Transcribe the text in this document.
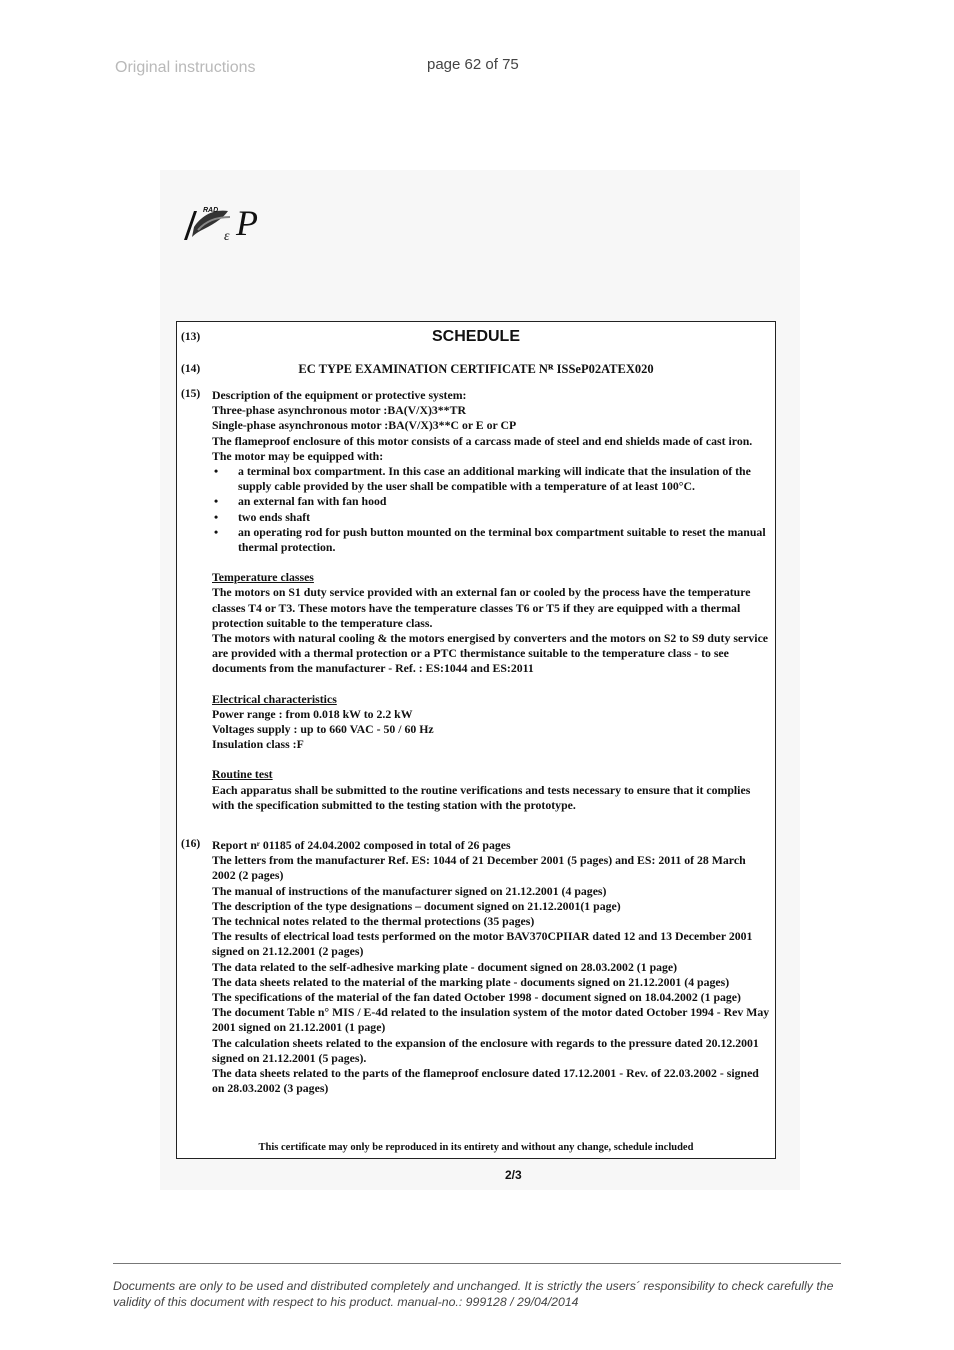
Original instructions	page 62 of 75
RAD
ε P
(13)	SCHEDULE
(14)	EC TYPE EXAMINATION CERTIFICATE Nᴿ ISSeP02ATEX020
(15) Description of the equipment or protective system:

Three-phase asynchronous motor :BA(V/X)3**TR

Single-phase asynchronous motor :BA(V/X)3**C or E or CP

The flameproof enclosure of this motor consists of a carcass made of steel and end shields made of cast iron.

The motor may be equipped with:

• a terminal box compartment. In this case an additional marking will indicate that the insulation of the supply cable provided by the user shall be compatible with a temperature of at least 100°C.
• an external fan with fan hood
• two ends shaft
• an operating rod for push button mounted on the terminal box compartment suitable to reset the manual thermal protection.

Temperature classes

The motors on S1 duty service provided with an external fan or cooled by the process have the temperature classes T4 or T3. These motors have the temperature classes T6 or T5 if they are equipped with a thermal protection suitable to the temperature class.

The motors with natural cooling & the motors energised by converters and the motors on S2 to S9 duty service are provided with a thermal protection or a PTC thermistance suitable to the temperature class - to see documents from the manufacturer - Ref. : ES:1044 and ES:2011

Electrical characteristics

Power range : from 0.018 kW to 2.2 kW

Voltages supply : up to 660 VAC - 50 / 60 Hz

Insulation class :F

Routine test

Each apparatus shall be submitted to the routine verifications and tests necessary to ensure that it complies with the specification submitted to the testing station with the prototype.

(16) Report nʳ 01185 of 24.04.2002 composed in total of 26 pages

The letters from the manufacturer Ref. ES: 1044 of 21 December 2001 (5 pages) and ES: 2011 of 28 March 2002 (2 pages)

The manual of instructions of the manufacturer signed on 21.12.2001 (4 pages)

The description of the type designations – document signed on 21.12.2001(1 page)

The technical notes related to the thermal protections (35 pages)

The results of electrical load tests performed on the motor BAV370CPIIAR dated 12 and 13 December 2001 signed on 21.12.2001 (2 pages)

The data related to the self-adhesive marking plate - document signed on 28.03.2002 (1 page)

The data sheets related to the material of the marking plate - documents signed on 21.12.2001 (4 pages)

The specifications of the material of the fan dated October 1998 - document signed on 18.04.2002 (1 page)

The document Table n° MIS / E-4d related to the insulation system of the motor dated October 1994 - Rev May 2001 signed on 21.12.2001 (1 page)

The calculation sheets related to the expansion of the enclosure with regards to the pressure dated 20.12.2001 signed on 21.12.2001 (5 pages).

The data sheets related to the parts of the flameproof enclosure dated 17.12.2001 - Rev. of 22.03.2002 - signed on 28.03.2002 (3 pages)

This certificate may only be reproduced in its entirety and without any change, schedule included
2/3
Documents are only to be used and distributed completely and unchanged. It is strictly the users´ responsibility to check carefully the validity of this document with respect to his product. manual-no.: 999128 / 29/04/2014
